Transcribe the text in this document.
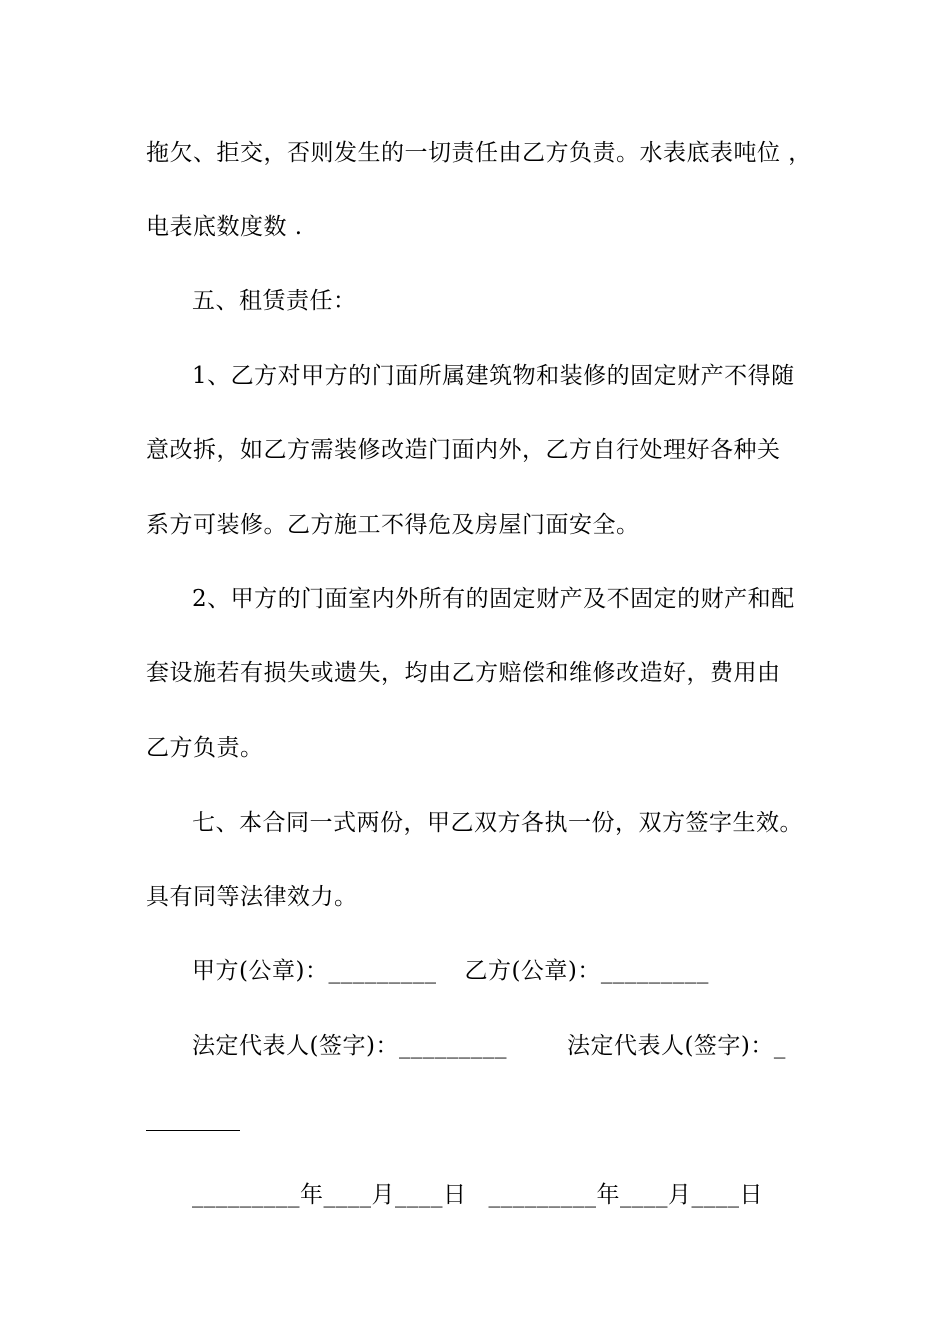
拖欠、拒交，否则发生的一切责任由乙方负责。水表底表吨位 ，
电表底数度数 .
五、租赁责任：
1、乙方对甲方的门面所属建筑物和装修的固定财产不得随
意改拆，如乙方需装修改造门面内外，乙方自行处理好各种关
系方可装修。乙方施工不得危及房屋门面安全。
2、甲方的门面室内外所有的固定财产及不固定的财产和配
套设施若有损失或遗失，均由乙方赔偿和维修改造好，费用由
乙方负责。
七、本合同一式两份，甲乙双方各执一份，双方签字生效。
具有同等法律效力。
甲方(公章)：_________ 乙方(公章)：_________
法定代表人(签字)：_________	法定代表人(签字)：_
_________年____月____日 _________年____月____日
